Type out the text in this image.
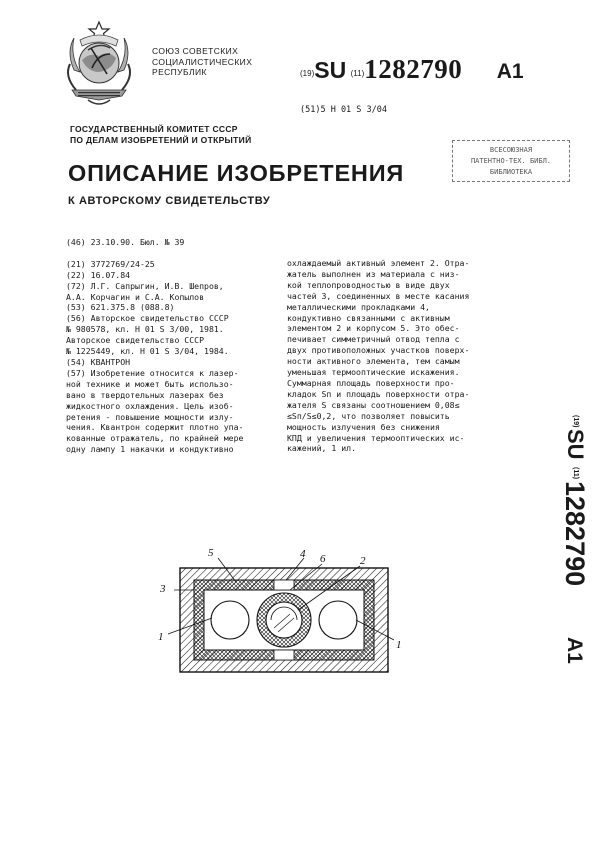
СОЮЗ СОВЕТСКИХ
СОЦИАЛИСТИЧЕСКИХ
РЕСПУБЛИК	(19)SU (11)1282790 A1
(51)5 H 01 S 3/04
ГОСУДАРСТВЕННЫЙ КОМИТЕТ СССР
ПО ДЕЛАМ ИЗОБРЕТЕНИЙ И ОТКРЫТИЙ
ВСЕСОЮЗНАЯ
ПАТЕНТНО-ТЕХ. БИБЛ.
БИБЛИОТЕКА
ОПИСАНИЕ ИЗОБРЕТЕНИЯ
К АВТОРСКОМУ СВИДЕТЕЛЬСТВУ
(46) 23.10.90. Бюл. № 39

(21) 3772769/24-25
(22) 16.07.84
(72) Л.Г. Сапрыгин, И.В. Шепров,
А.А. Корчагин и С.А. Копылов
(53) 621.375.8 (088.8)
(56) Авторское свидетельство СССР
№ 980578, кл. Н 01 S 3/00, 1981.
Авторское свидетельство СССР
№ 1225449, кл. Н 01 S 3/04, 1984.
(54) КВАНТРОН
(57) Изобретение относится к лазер-
ной технике и может быть использо-
вано в твердотельных лазерах без
жидкостного охлаждения. Цель изоб-
ретения - повышение мощности излу-
чения. Квантрон содержит плотно упа-
кованные отражатель, по крайней мере
одну лампу 1 накачки и кондуктивно
охлаждаемый активный элемент 2. Отра-
жатель выполнен из материала с низ-
кой теплопроводностью в виде двух
частей 3, соединенных в месте касания
металлическими прокладками 4,
кондуктивно связанными с активным
элементом 2 и корпусом 5. Это обес-
печивает симметричный отвод тепла с
двух противоположных участков поверх-
ности активного элемента, тем самым
уменьшая термооптические искажения.
Суммарная площадь поверхности про-
кладок Sп и площадь поверхности отра-
жателя S связаны соотношением 0,08≤
≤Sп/S≤0,2, что позволяет повысить
мощность излучения без снижения
КПД и увеличения термооптических ис-
кажений, 1 ил.
5
3
1
4 6	2
1
(19)
SU
(11)
1282790
A1
